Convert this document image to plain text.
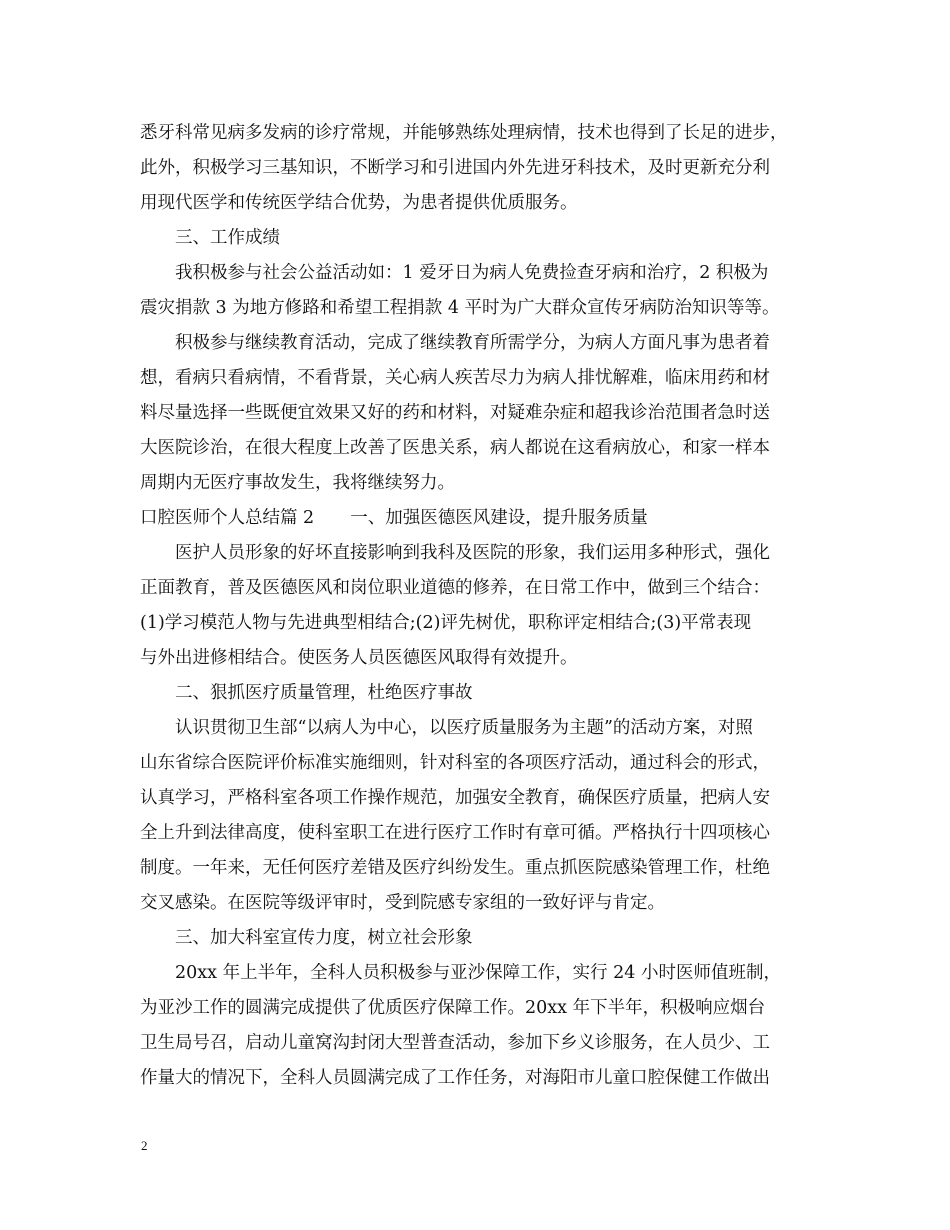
悉牙科常见病多发病的诊疗常规，并能够熟练处理病情，技术也得到了长足的进步，
此外，积极学习三基知识，不断学习和引进国内外先进牙科技术，及时更新充分利
用现代医学和传统医学结合优势，为患者提供优质服务。
三、工作成绩
我积极参与社会公益活动如：1 爱牙日为病人免费捡查牙病和治疗，2 积极为
震灾捐款 3 为地方修路和希望工程捐款 4 平时为广大群众宣传牙病防治知识等等。
积极参与继续教育活动，完成了继续教育所需学分，为病人方面凡事为患者着
想，看病只看病情，不看背景，关心病人疾苦尽力为病人排忧解难，临床用药和材
料尽量选择一些既便宜效果又好的药和材料，对疑难杂症和超我诊治范围者急时送
大医院诊治，在很大程度上改善了医患关系，病人都说在这看病放心，和家一样本
周期内无医疗事故发生，我将继续努力。
口腔医师个人总结篇 2 一、加强医德医风建设，提升服务质量
医护人员形象的好坏直接影响到我科及医院的形象，我们运用多种形式，强化
正面教育，普及医德医风和岗位职业道德的修养，在日常工作中，做到三个结合：
(1)学习模范人物与先进典型相结合;(2)评先树优，职称评定相结合;(3)平常表现
与外出进修相结合。使医务人员医德医风取得有效提升。
二、狠抓医疗质量管理，杜绝医疗事故
认识贯彻卫生部“以病人为中心，以医疗质量服务为主题”的活动方案，对照
山东省综合医院评价标准实施细则，针对科室的各项医疗活动，通过科会的形式，
认真学习，严格科室各项工作操作规范，加强安全教育，确保医疗质量，把病人安
全上升到法律高度，使科室职工在进行医疗工作时有章可循。严格执行十四项核心
制度。一年来，无任何医疗差错及医疗纠纷发生。重点抓医院感染管理工作，杜绝
交叉感染。在医院等级评审时，受到院感专家组的一致好评与肯定。
三、加大科室宣传力度，树立社会形象
20xx 年上半年，全科人员积极参与亚沙保障工作，实行 24 小时医师值班制，
为亚沙工作的圆满完成提供了优质医疗保障工作。20xx 年下半年，积极响应烟台
卫生局号召，启动儿童窝沟封闭大型普查活动，参加下乡义诊服务，在人员少、工
作量大的情况下，全科人员圆满完成了工作任务，对海阳市儿童口腔保健工作做出
2
